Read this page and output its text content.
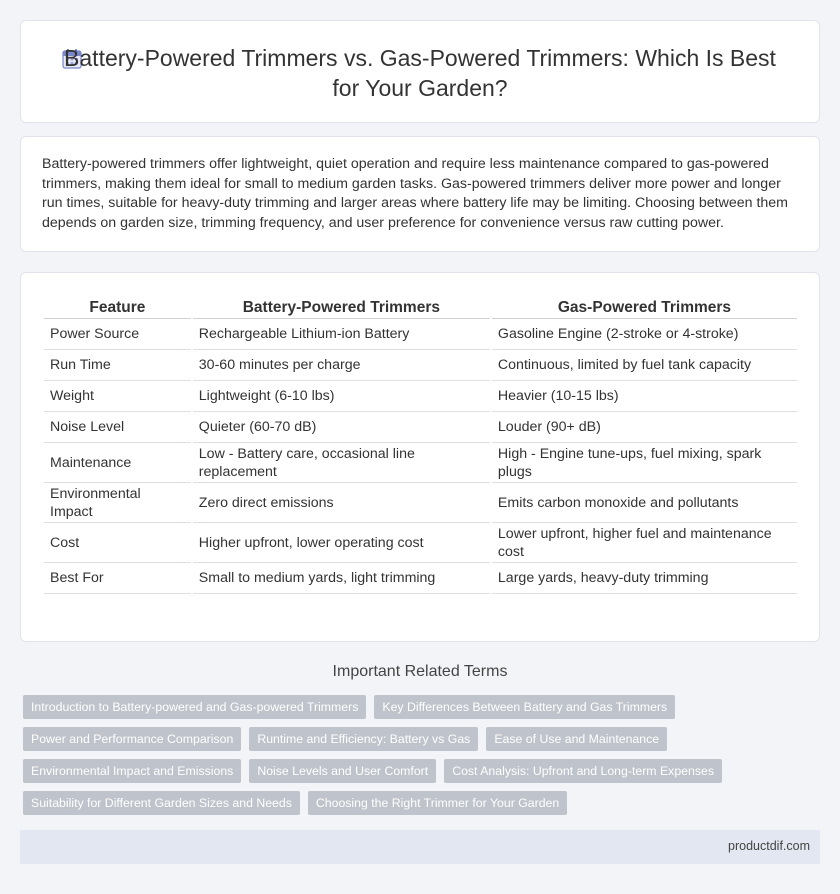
Battery-Powered Trimmers vs. Gas-Powered Trimmers: Which Is Best for Your Garden?

Battery-powered trimmers offer lightweight, quiet operation and require less maintenance compared to gas-powered trimmers, making them ideal for small to medium garden tasks. Gas-powered trimmers deliver more power and longer run times, suitable for heavy-duty trimming and larger areas where battery life may be limiting. Choosing between them depends on garden size, trimming frequency, and user preference for convenience versus raw cutting power.

Feature	Battery-Powered Trimmers	Gas-Powered Trimmers
Power Source	Rechargeable Lithium-ion Battery	Gasoline Engine (2-stroke or 4-stroke)
Run Time	30-60 minutes per charge	Continuous, limited by fuel tank capacity
Weight	Lightweight (6-10 lbs)	Heavier (10-15 lbs)
Noise Level	Quieter (60-70 dB)	Louder (90+ dB)
Maintenance	Low - Battery care, occasional line replacement	High - Engine tune-ups, fuel mixing, spark plugs
Environmental Impact	Zero direct emissions	Emits carbon monoxide and pollutants
Cost	Higher upfront, lower operating cost	Lower upfront, higher fuel and maintenance cost
Best For	Small to medium yards, light trimming	Large yards, heavy-duty trimming
Important Related Terms
Introduction to Battery-powered and Gas-powered Trimmers	Key Differences Between Battery and Gas Trimmers
Power and Performance Comparison	Runtime and Efficiency: Battery vs Gas	Ease of Use and Maintenance
Environmental Impact and Emissions	Noise Levels and User Comfort	Cost Analysis: Upfront and Long-term Expenses
Suitability for Different Garden Sizes and Needs	Choosing the Right Trimmer for Your Garden
productdif.com
